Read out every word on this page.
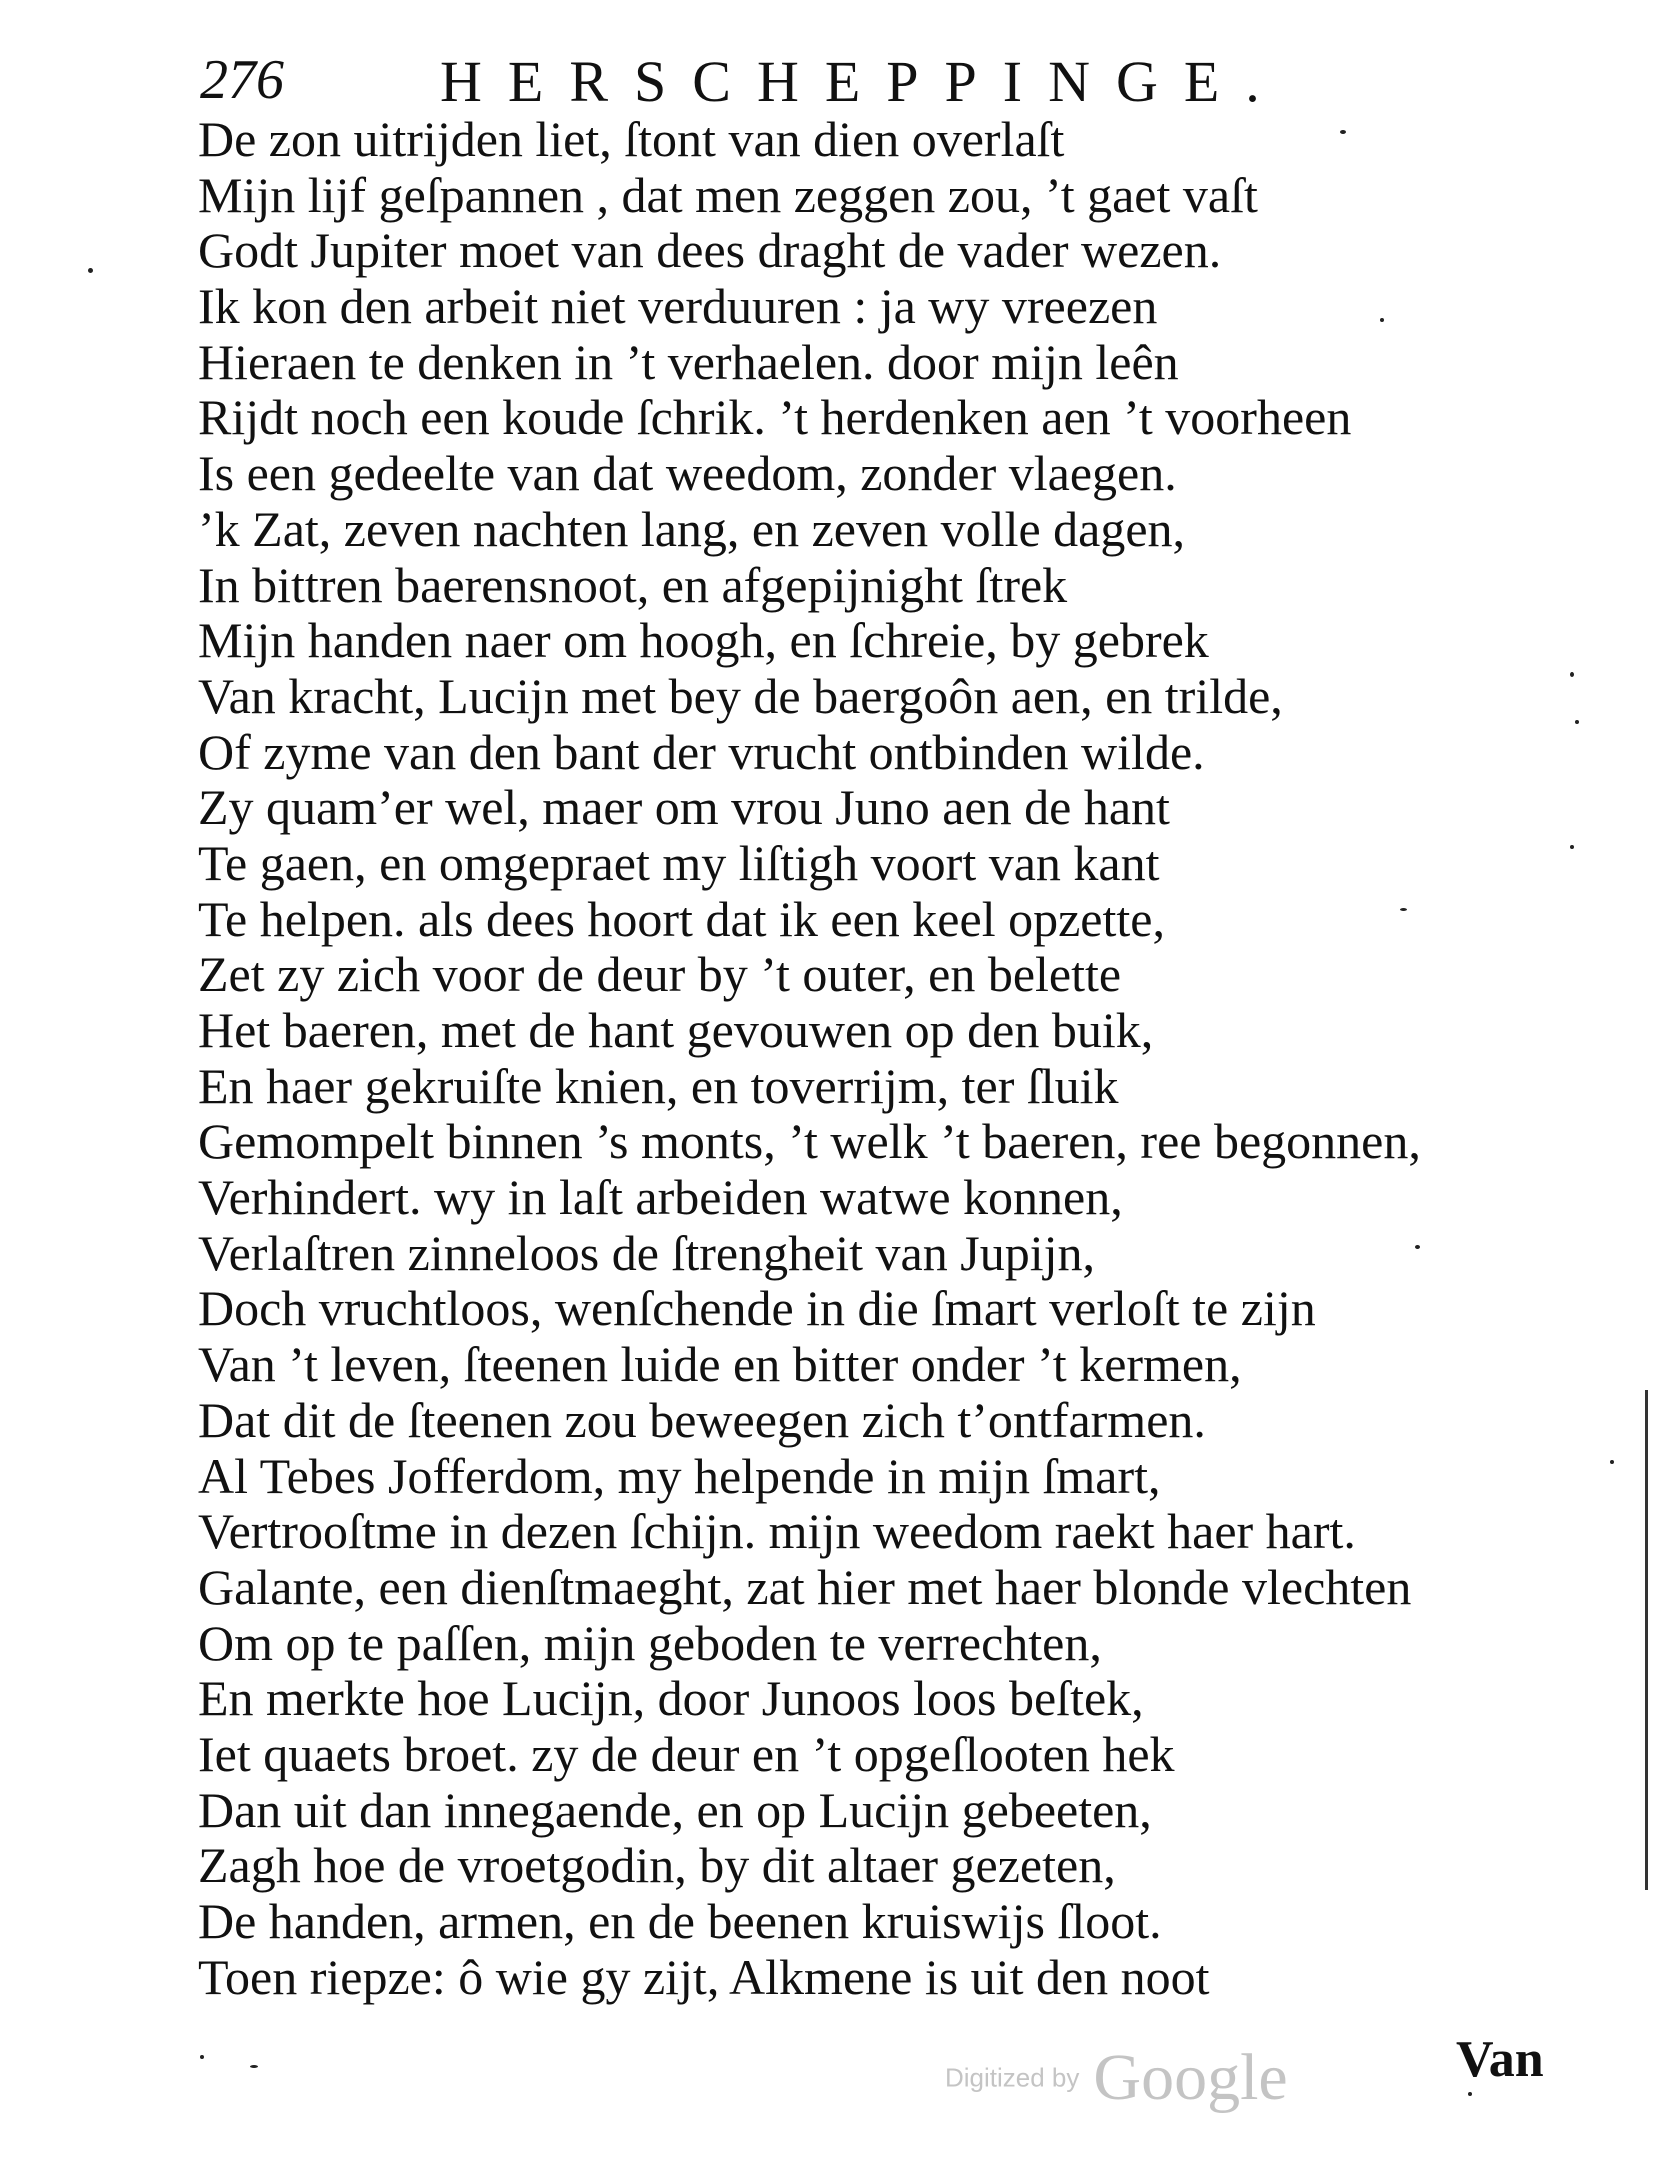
276	HERSCHEPPINGE.
De zon uitrijden liet, ſtont van dien overlaſt
Mijn lijf geſpannen , dat men zeggen zou, ’t gaet vaſt
Godt Jupiter moet van dees draght de vader wezen.
Ik kon den arbeit niet verduuren : ja wy vreezen
Hieraen te denken in ’t verhaelen. door mijn leên
Rijdt noch een koude ſchrik. ’t herdenken aen ’t voorheen
Is een gedeelte van dat weedom, zonder vlaegen.
’k Zat, zeven nachten lang, en zeven volle dagen,
In bittren baerensnoot, en afgepijnight ſtrek
Mijn handen naer om hoogh, en ſchreie, by gebrek
Van kracht, Lucijn met bey de baergoôn aen, en trilde,
Of zyme van den bant der vrucht ontbinden wilde.
Zy quam’er wel, maer om vrou Juno aen de hant
Te gaen, en omgepraet my liſtigh voort van kant
Te helpen. als dees hoort dat ik een keel opzette,
Zet zy zich voor de deur by ’t outer, en belette
Het baeren, met de hant gevouwen op den buik,
En haer gekruiſte knien, en toverrijm, ter ſluik
Gemompelt binnen ’s monts, ’t welk ’t baeren, ree begonnen,
Verhindert. wy in laſt arbeiden watwe konnen,
Verlaſtren zinneloos de ſtrengheit van Jupijn,
Doch vruchtloos, wenſchende in die ſmart verloſt te zijn
Van ’t leven, ſteenen luide en bitter onder ’t kermen,
Dat dit de ſteenen zou beweegen zich t’ontfarmen.
Al Tebes Jofferdom, my helpende in mijn ſmart,
Vertrooſtme in dezen ſchijn. mijn weedom raekt haer hart.
Galante, een dienſtmaeght, zat hier met haer blonde vlechten
Om op te paſſen, mijn geboden te verrechten,
En merkte hoe Lucijn, door Junoos loos beſtek,
Iet quaets broet. zy de deur en ’t opgeſlooten hek
Dan uit dan innegaende, en op Lucijn gebeeten,
Zagh hoe de vroetgodin, by dit altaer gezeten,
De handen, armen, en de beenen kruiswijs ſloot.
Toen riepze: ô wie gy zijt, Alkmene is uit den noot
Van
Digitized by Google
